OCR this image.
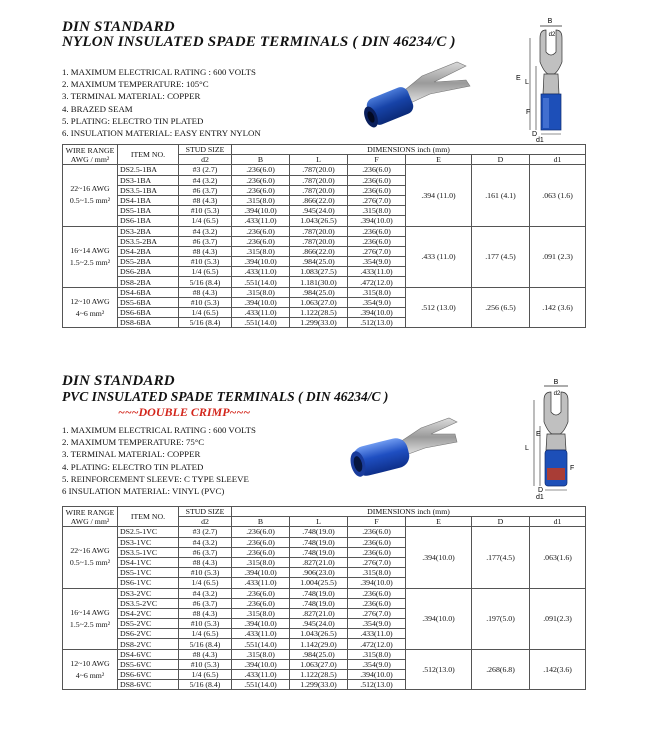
DIN STANDARD
NYLON INSULATED SPADE TERMINALS ( DIN 46234/C )
1. MAXIMUM ELECTRICAL RATING : 600 VOLTS
2. MAXIMUM TEMPERATURE: 105°C
3. TERMINAL MATERIAL: COPPER
4. BRAZED SEAM
5. PLATING: ELECTRO TIN PLATED
6. INSULATION MATERIAL: EASY ENTRY NYLON
B
d2
L
E
F
D
d1
WIRE RANGE
AWG / mm²	ITEM NO.	STUD SIZE	DIMENSIONS inch (mm)					
		d2	B	L	F	E	D	d1

22~16 AWG
0.5~1.5 mm²	DS2.5-1BA	#3 (2.7)	.236(6.0)	.787(20.0)	.236(6.0)	.394 (11.0)	.161 (4.1)	.063 (1.6)
	DS3-1BA	#4 (3.2)	.236(6.0)	.787(20.0)	.236(6.0)			
	DS3.5-1BA	#6 (3.7)	.236(6.0)	.787(20.0)	.236(6.0)			
	DS4-1BA	#8 (4.3)	.315(8.0)	.866(22.0)	.276(7.0)			
	DS5-1BA	#10 (5.3)	.394(10.0)	.945(24.0)	.315(8.0)			
	DS6-1BA	1/4 (6.5)	.433(11.0)	1.043(26.5)	.394(10.0)			

16~14 AWG
1.5~2.5 mm²	DS3-2BA	#4 (3.2)	.236(6.0)	.787(20.0)	.236(6.0)	.433 (11.0)	.177 (4.5)	.091 (2.3)
	DS3.5-2BA	#6 (3.7)	.236(6.0)	.787(20.0)	.236(6.0)			
	DS4-2BA	#8 (4.3)	.315(8.0)	.866(22.0)	.276(7.0)			
	DS5-2BA	#10 (5.3)	.394(10.0)	.984(25.0)	.354(9.0)			
	DS6-2BA	1/4 (6.5)	.433(11.0)	1.083(27.5)	.433(11.0)			
	DS8-2BA	5/16 (8.4)	.551(14.0)	1.181(30.0)	.472(12.0)			

12~10 AWG
4~6 mm²	DS4-6BA	#8 (4.3)	.315(8.0)	.984(25.0)	.315(8.0)	.512 (13.0)	.256 (6.5)	.142 (3.6)
	DS5-6BA	#10 (5.3)	.394(10.0)	1.063(27.0)	.354(9.0)			
	DS6-6BA	1/4 (6.5)	.433(11.0)	1.122(28.5)	.394(10.0)			
	DS8-6BA	5/16 (8.4)	.551(14.0)	1.299(33.0)	.512(13.0)			
DIN STANDARD
PVC INSULATED SPADE TERMINALS ( DIN 46234/C )
~~~DOUBLE CRIMP~~~
1. MAXIMUM ELECTRICAL RATING : 600 VOLTS
2. MAXIMUM TEMPERATURE: 75°C
3. TERMINAL MATERIAL: COPPER
4. PLATING: ELECTRO TIN PLATED
5. REINFORCEMENT SLEEVE: C TYPE SLEEVE
6 INSULATION MATERIAL: VINYL (PVC)
B
d2
L
E
F
D
d1
WIRE RANGE
AWG / mm²	ITEM NO.	STUD SIZE	DIMENSIONS inch (mm)					
		d2	B	L	F	E	D	d1

22~16 AWG
0.5~1.5 mm²	DS2.5-1VC	#3 (2.7)	.236(6.0)	.748(19.0)	.236(6.0)	.394(10.0)	.177(4.5)	.063(1.6)
	DS3-1VC	#4 (3.2)	.236(6.0)	.748(19.0)	.236(6.0)			
	DS3.5-1VC	#6 (3.7)	.236(6.0)	.748(19.0)	.236(6.0)			
	DS4-1VC	#8 (4.3)	.315(8.0)	.827(21.0)	.276(7.0)			
	DS5-1VC	#10 (5.3)	.394(10.0)	.906(23.0)	.315(8.0)			
	DS6-1VC	1/4 (6.5)	.433(11.0)	1.004(25.5)	.394(10.0)			

16~14 AWG
1.5~2.5 mm²	DS3-2VC	#4 (3.2)	.236(6.0)	.748(19.0)	.236(6.0)	.394(10.0)	.197(5.0)	.091(2.3)
	DS3.5-2VC	#6 (3.7)	.236(6.0)	.748(19.0)	.236(6.0)			
	DS4-2VC	#8 (4.3)	.315(8.0)	.827(21.0)	.276(7.0)			
	DS5-2VC	#10 (5.3)	.394(10.0)	.945(24.0)	.354(9.0)			
	DS6-2VC	1/4 (6.5)	.433(11.0)	1.043(26.5)	.433(11.0)			
	DS8-2VC	5/16 (8.4)	.551(14.0)	1.142(29.0)	.472(12.0)			

12~10 AWG
4~6 mm²	DS4-6VC	#8 (4.3)	.315(8.0)	.984(25.0)	.315(8.0)	.512(13.0)	.268(6.8)	.142(3.6)
	DS5-6VC	#10 (5.3)	.394(10.0)	1.063(27.0)	.354(9.0)			
	DS6-6VC	1/4 (6.5)	.433(11.0)	1.122(28.5)	.394(10.0)			
	DS8-6VC	5/16 (8.4)	.551(14.0)	1.299(33.0)	.512(13.0)			
